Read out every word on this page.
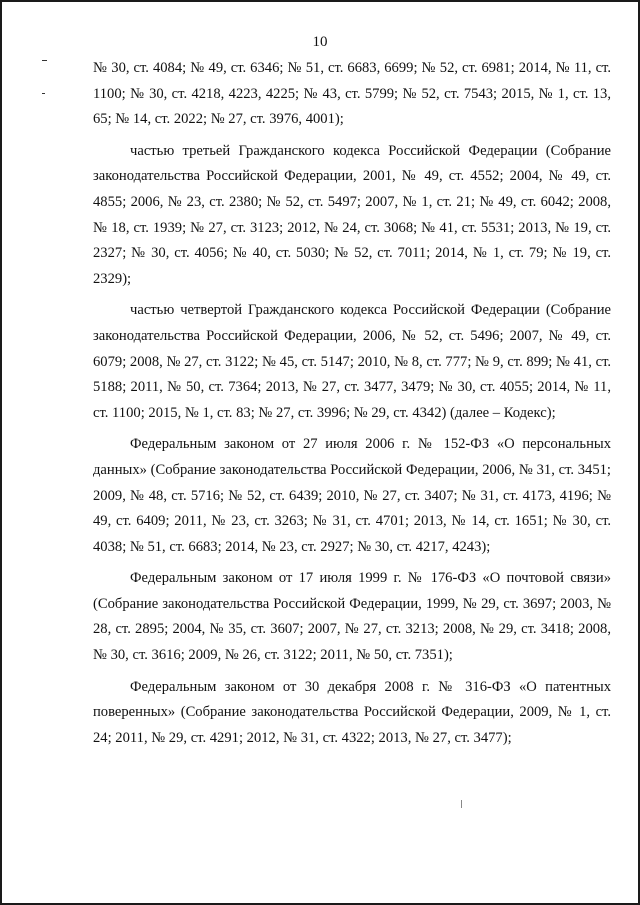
10

№ 30, ст. 4084; № 49, ст. 6346; № 51, ст. 6683, 6699; № 52, ст. 6981; 2014, № 11, ст. 1100; № 30, ст. 4218, 4223, 4225; № 43, ст. 5799; № 52, ст. 7543; 2015, № 1, ст. 13, 65; № 14, ст. 2022; № 27, ст. 3976, 4001);

частью третьей Гражданского кодекса Российской Федерации (Собрание законодательства Российской Федерации, 2001, № 49, ст. 4552; 2004, № 49, ст. 4855; 2006, № 23, ст. 2380; № 52, ст. 5497; 2007, № 1, ст. 21; № 49, ст. 6042; 2008, № 18, ст. 1939; № 27, ст. 3123; 2012, № 24, ст. 3068; № 41, ст. 5531; 2013, № 19, ст. 2327; № 30, ст. 4056; № 40, ст. 5030; № 52, ст. 7011; 2014, № 1, ст. 79; № 19, ст. 2329);

частью четвертой Гражданского кодекса Российской Федерации (Собрание законодательства Российской Федерации, 2006, № 52, ст. 5496; 2007, № 49, ст. 6079; 2008, № 27, ст. 3122; № 45, ст. 5147; 2010, № 8, ст. 777; № 9, ст. 899; № 41, ст. 5188; 2011, № 50, ст. 7364; 2013, № 27, ст. 3477, 3479; № 30, ст. 4055; 2014, № 11, ст. 1100; 2015, № 1, ст. 83; № 27, ст. 3996; № 29, ст. 4342) (далее – Кодекс);

Федеральным законом от 27 июля 2006 г. № 152-ФЗ «О персональных данных» (Собрание законодательства Российской Федерации, 2006, № 31, ст. 3451; 2009, № 48, ст. 5716; № 52, ст. 6439; 2010, № 27, ст. 3407; № 31, ст. 4173, 4196; № 49, ст. 6409; 2011, № 23, ст. 3263; № 31, ст. 4701; 2013, № 14, ст. 1651; № 30, ст. 4038; № 51, ст. 6683; 2014, № 23, ст. 2927; № 30, ст. 4217, 4243);

Федеральным законом от 17 июля 1999 г. № 176-ФЗ «О почтовой связи» (Собрание законодательства Российской Федерации, 1999, № 29, ст. 3697; 2003, № 28, ст. 2895; 2004, № 35, ст. 3607; 2007, № 27, ст. 3213; 2008, № 29, ст. 3418; 2008, № 30, ст. 3616; 2009, № 26, ст. 3122; 2011, № 50, ст. 7351);

Федеральным законом от 30 декабря 2008 г. № 316-ФЗ «О патентных поверенных» (Собрание законодательства Российской Федерации, 2009, № 1, ст. 24; 2011, № 29, ст. 4291; 2012, № 31, ст. 4322; 2013, № 27, ст. 3477);
